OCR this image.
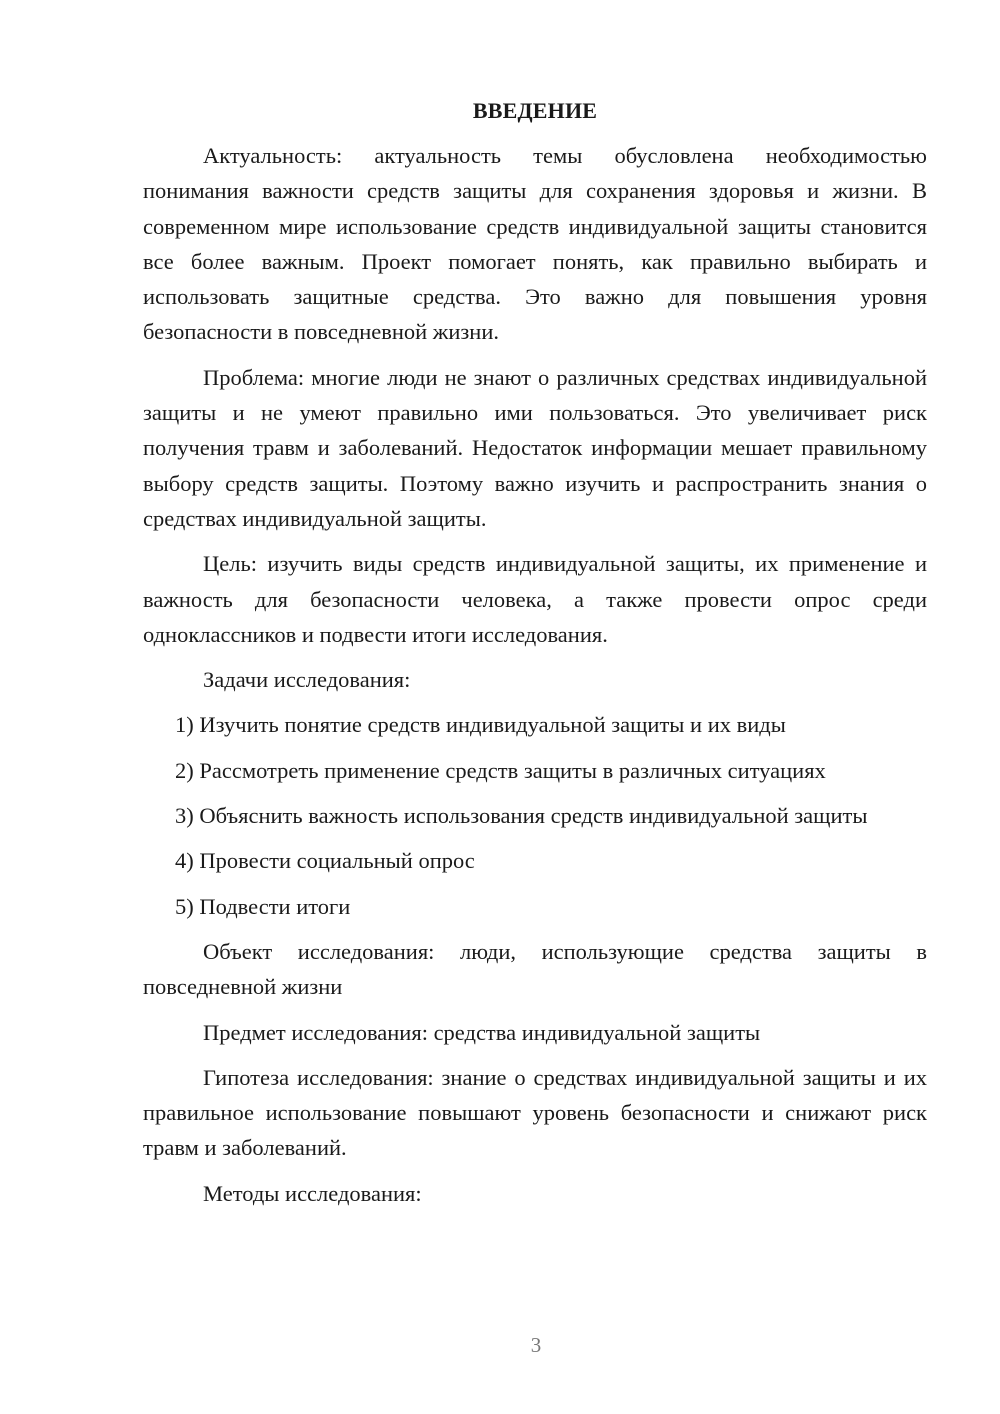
ВВЕДЕНИЕ

Актуальность: актуальность темы обусловлена необходимостью понимания важности средств защиты для сохранения здоровья и жизни. В современном мире использование средств индивидуальной защиты становится все более важным. Проект помогает понять, как правильно выбирать и использовать защитные средства. Это важно для повышения уровня безопасности в повседневной жизни.

Проблема: многие люди не знают о различных средствах индивидуальной защиты и не умеют правильно ими пользоваться. Это увеличивает риск получения травм и заболеваний. Недостаток информации мешает правильному выбору средств защиты. Поэтому важно изучить и распространить знания о средствах индивидуальной защиты.

Цель: изучить виды средств индивидуальной защиты, их применение и важность для безопасности человека, а также провести опрос среди одноклассников и подвести итоги исследования.

Задачи исследования:

1) Изучить понятие средств индивидуальной защиты и их виды

2) Рассмотреть применение средств защиты в различных ситуациях

3) Объяснить важность использования средств индивидуальной защиты

4) Провести социальный опрос

5) Подвести итоги

Объект исследования: люди, использующие средства защиты в повседневной жизни

Предмет исследования: средства индивидуальной защиты

Гипотеза исследования: знание о средствах индивидуальной защиты и их правильное использование повышают уровень безопасности и снижают риск травм и заболеваний.

Методы исследования:

3
